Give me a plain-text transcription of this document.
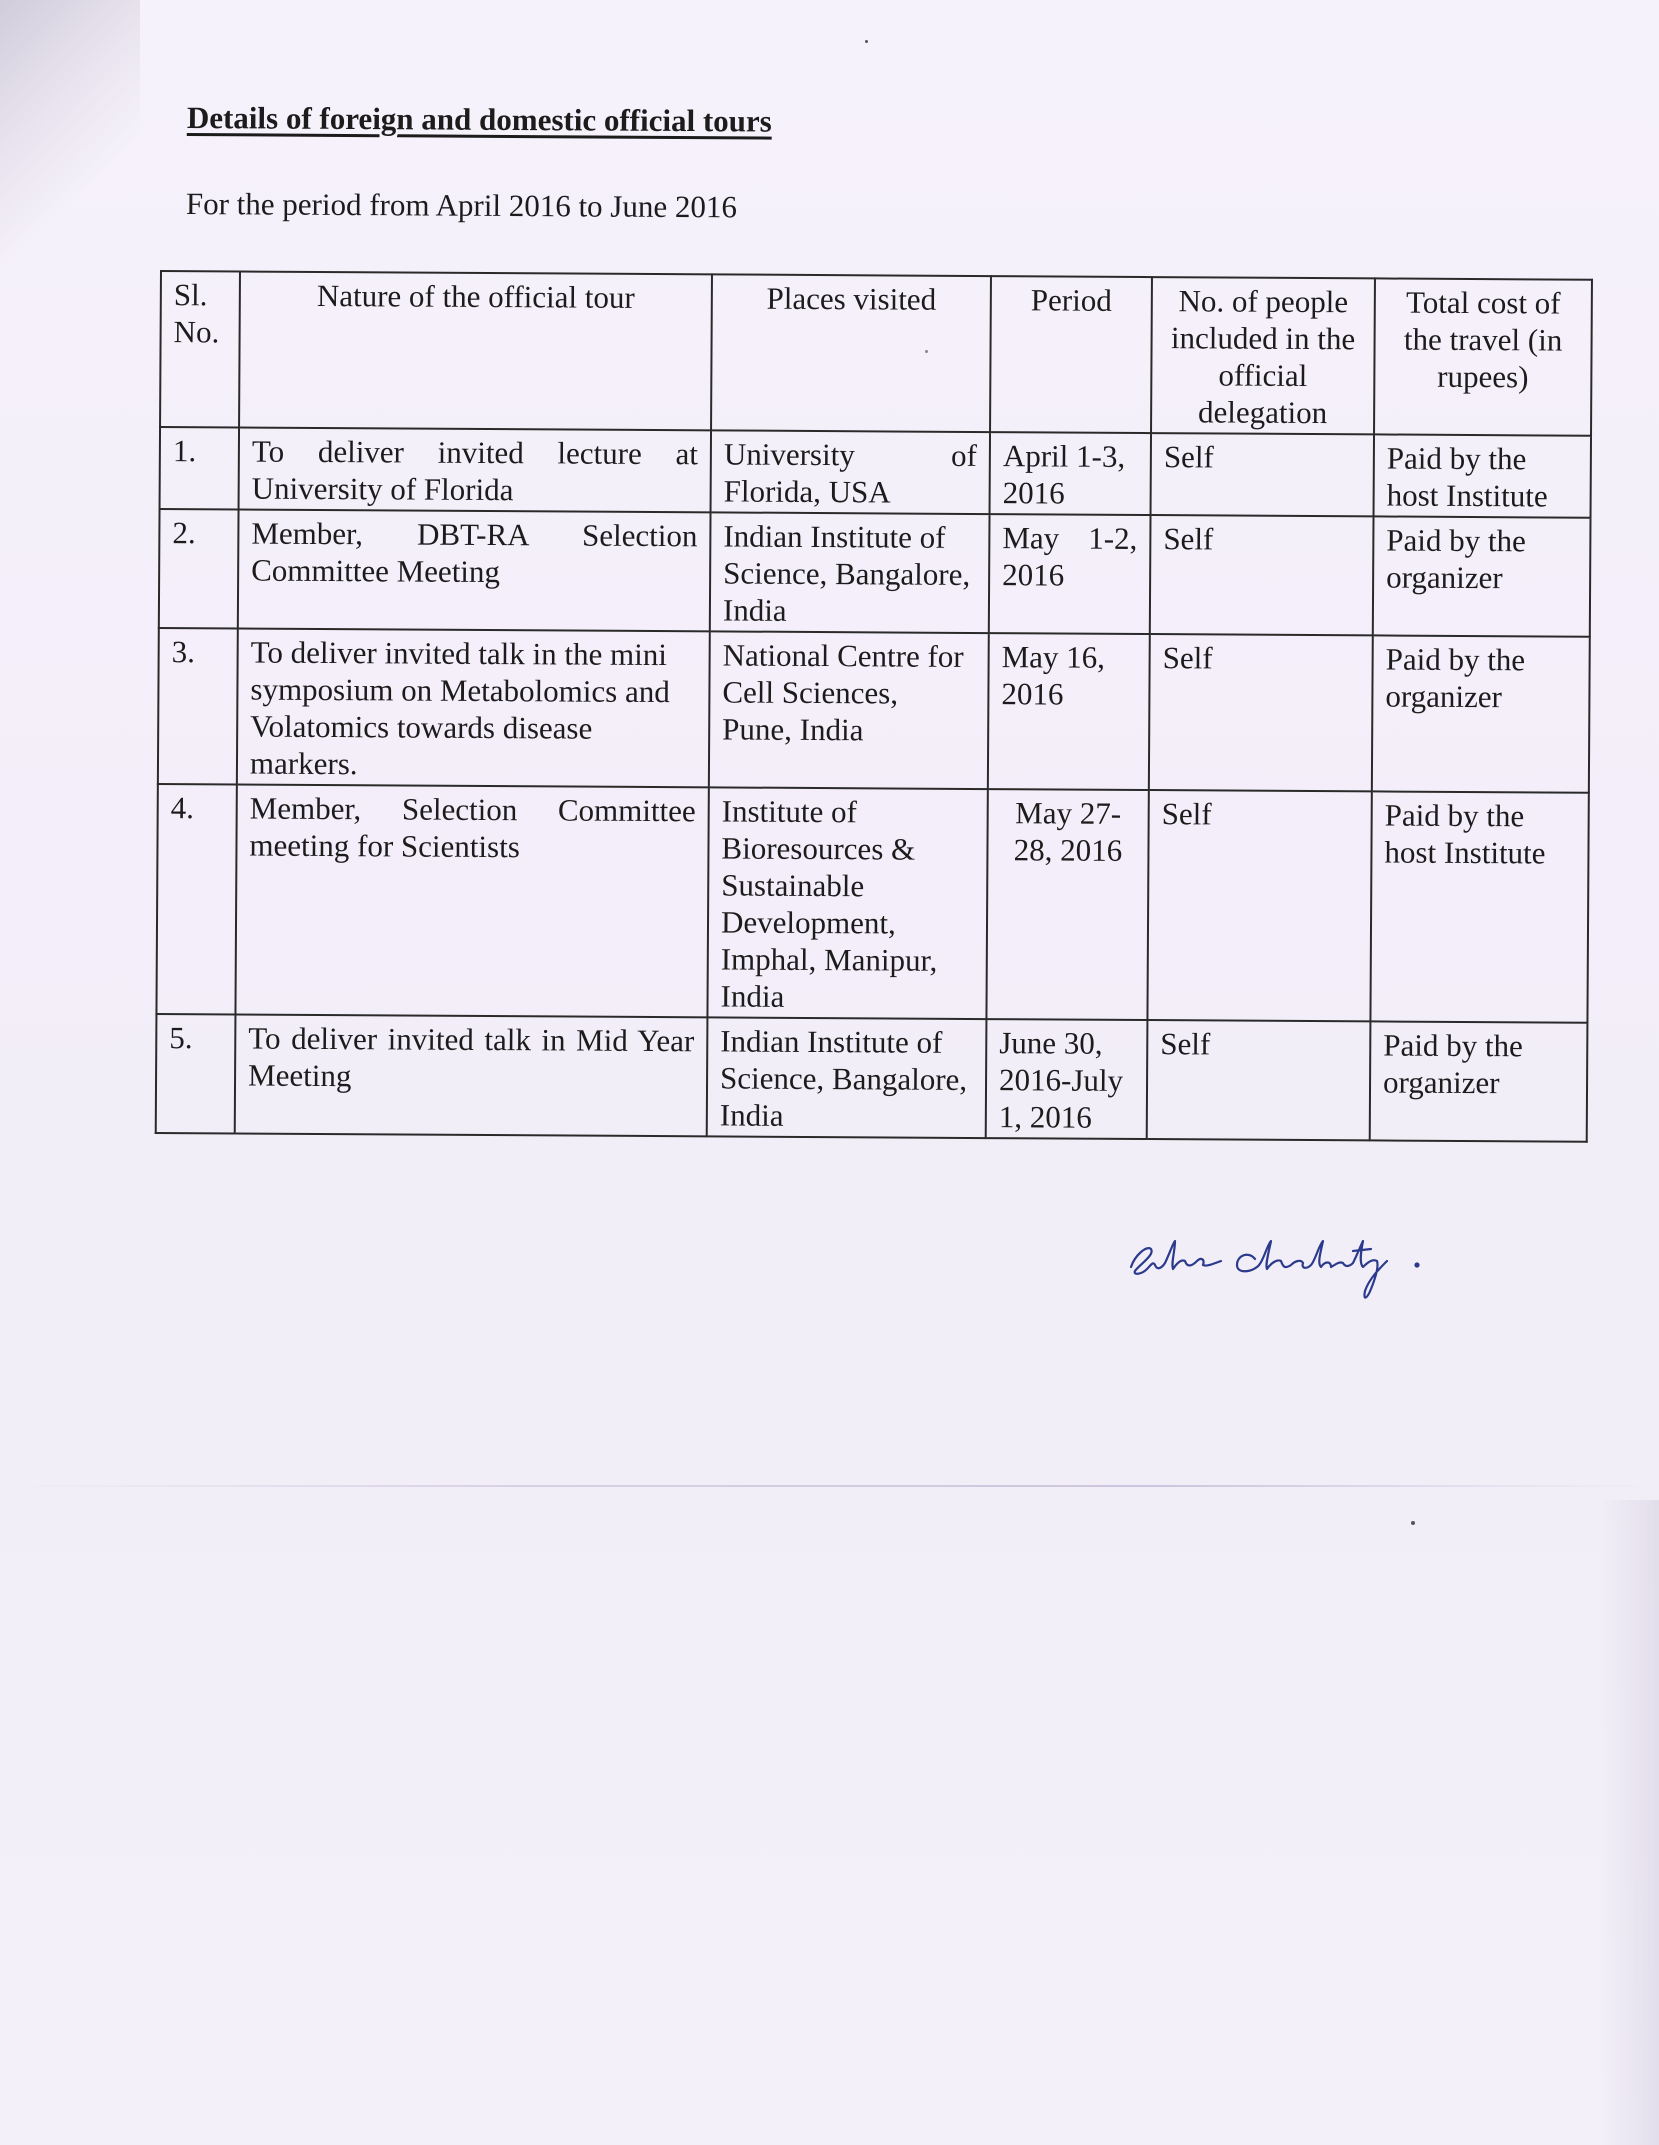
Details of foreign and domestic official tours
For the period from April 2016 to June 2016
Sl. No.	Nature of the official tour	Places visited	Period	No. of people included in the official delegation	Total cost of the travel (in rupees)
1.	To deliver invited lecture at University of Florida	University of Florida, USA	April 1-3, 2016	Self	Paid by the host Institute
2.	Member, DBT-RA Selection Committee Meeting	Indian Institute of Science, Bangalore, India	May 1-2, 2016	Self	Paid by the organizer
3.	To deliver invited talk in the mini symposium on Metabolomics and Volatomics towards disease markers.	National Centre for Cell Sciences, Pune, India	May 16, 2016	Self	Paid by the organizer
4.	Member, Selection Committee meeting for Scientists	Institute of Bioresources & Sustainable Development, Imphal, Manipur, India	May 27-28, 2016	Self	Paid by the host Institute
5.	To deliver invited talk in Mid Year Meeting	Indian Institute of Science, Bangalore, India	June 30, 2016-July 1, 2016	Self	Paid by the organizer
